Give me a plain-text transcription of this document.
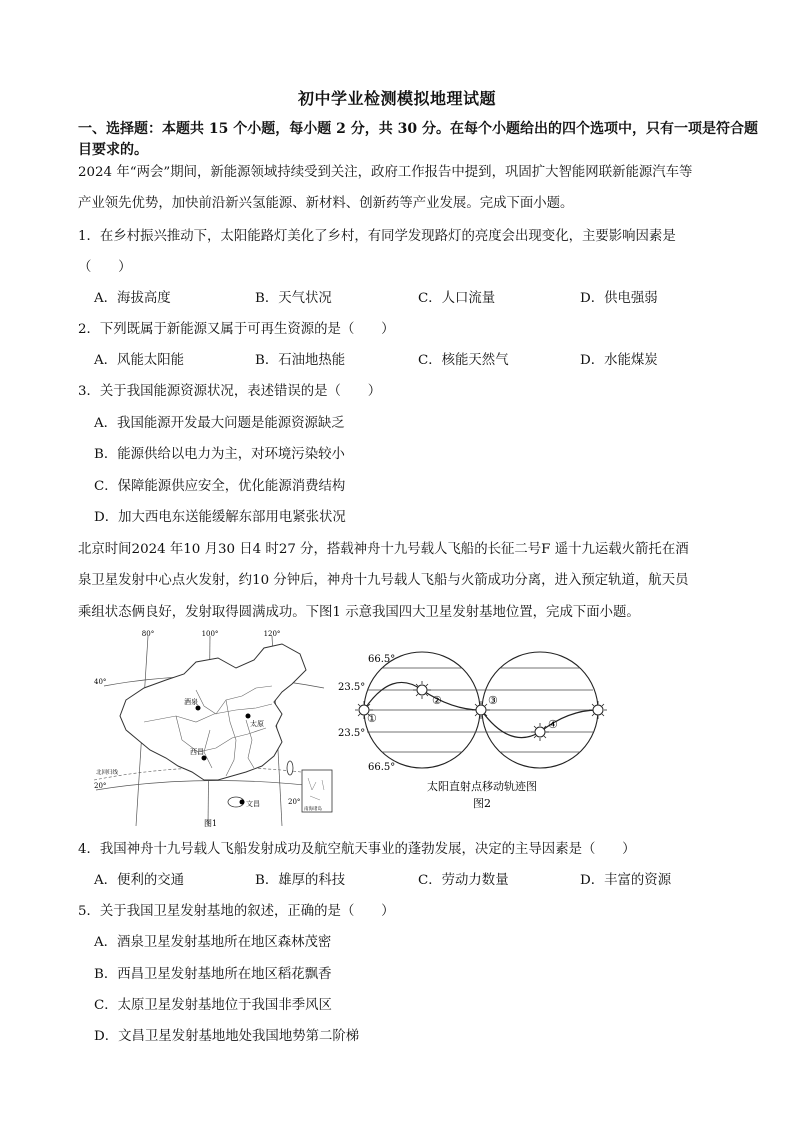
初中学业检测模拟地理试题
一、选择题：本题共 15 个小题，每小题 2 分，共 30 分。在每个小题给出的四个选项中，只有一项是符合题目要求的。
2024 年“两会”期间，新能源领域持续受到关注，政府工作报告中提到，巩固扩大智能网联新能源汽车等
产业领先优势，加快前沿新兴氢能源、新材料、创新药等产业发展。完成下面小题。
1．在乡村振兴推动下，太阳能路灯美化了乡村，有同学发现路灯的亮度会出现变化，主要影响因素是
（　　）
A．海拔高度	B．天气状况	C．人口流量	D．供电强弱
2．下列既属于新能源又属于可再生资源的是（　　）
A．风能太阳能	B．石油地热能	C．核能天然气	D．水能煤炭
3．关于我国能源资源状况，表述错误的是（　　）
A．我国能源开发最大问题是能源资源缺乏
B．能源供给以电力为主，对环境污染较小
C．保障能源供应安全，优化能源消费结构
D．加大西电东送能缓解东部用电紧张状况
北京时间2024 年10 月30 日4 时27 分，搭载神舟十九号载人飞船的长征二号F 遥十九运载火箭托在酒
泉卫星发射中心点火发射，约10 分钟后，神舟十九号载人飞船与火箭成功分离，进入预定轨道，航天员
乘组状态俩良好，发射取得圆满成功。下图1 示意我国四大卫星发射基地位置，完成下面小题。
80°	100°	120°
40°
20°
20°
北回归线
酒泉
太原
西昌
文昌
南海诸岛
图1
①
②	③
④
66.5°
23.5°
23.5°
66.5°
太阳直射点移动轨迹图
图2
4．我国神舟十九号载人飞船发射成功及航空航天事业的蓬勃发展，决定的主导因素是（　　）
A．便利的交通	B．雄厚的科技	C．劳动力数量	D．丰富的资源
5．关于我国卫星发射基地的叙述，正确的是（　　）
A．酒泉卫星发射基地所在地区森林茂密
B．西昌卫星发射基地所在地区稻花飘香
C．太原卫星发射基地位于我国非季风区
D．文昌卫星发射基地地处我国地势第二阶梯
